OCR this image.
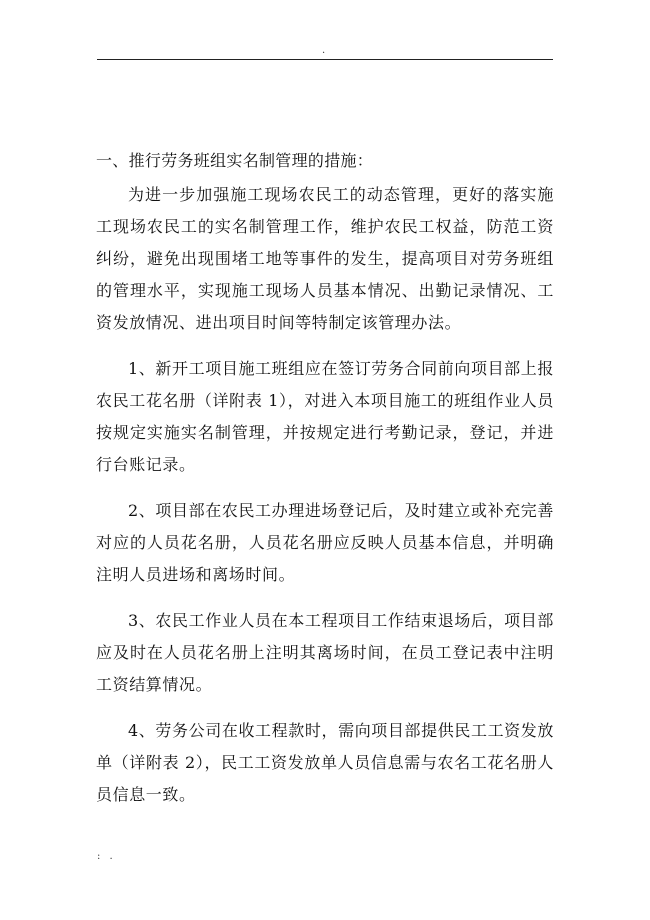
.
一、推行劳务班组实名制管理的措施：

为进一步加强施工现场农民工的动态管理，更好的落实施工现场农民工的实名制管理工作，维护农民工权益，防范工资纠纷，避免出现围堵工地等事件的发生，提高项目对劳务班组的管理水平，实现施工现场人员基本情况、出勤记录情况、工资发放情况、进出项目时间等特制定该管理办法。

1、新开工项目施工班组应在签订劳务合同前向项目部上报农民工花名册（详附表 1），对进入本项目施工的班组作业人员按规定实施实名制管理，并按规定进行考勤记录，登记，并进行台账记录。

2、项目部在农民工办理进场登记后，及时建立或补充完善对应的人员花名册，人员花名册应反映人员基本信息，并明确注明人员进场和离场时间。

3、农民工作业人员在本工程项目工作结束退场后，项目部应及时在人员花名册上注明其离场时间，在员工登记表中注明工资结算情况。

4、劳务公司在收工程款时，需向项目部提供民工工资发放单（详附表 2），民工工资发放单人员信息需与农名工花名册人员信息一致。

: .
